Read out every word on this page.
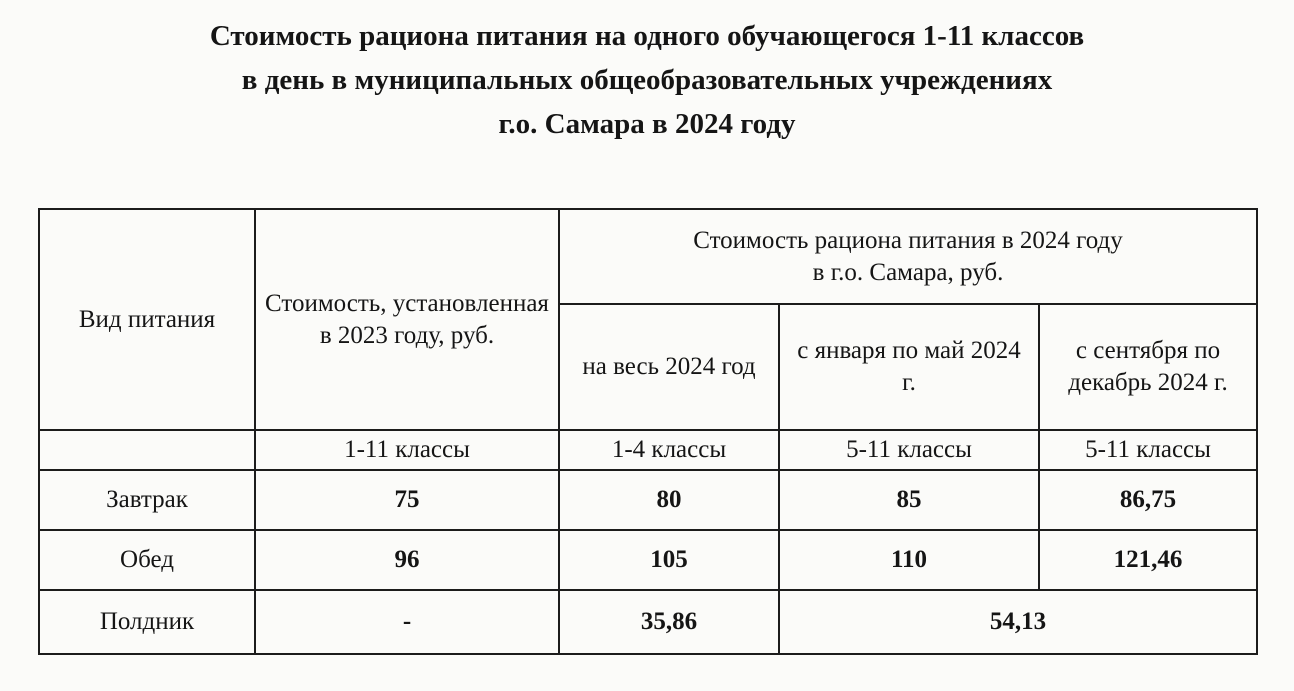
Стоимость рациона питания на одного обучающегося 1-11 классов
в день в муниципальных общеобразовательных учреждениях
г.о. Самара в 2024 году
Вид питания	Стоимость, установленная в 2023 году, руб.	Стоимость рациона питания в 2024 году
в г.о. Самара, руб.		

		на весь 2024 год	с января по май 2024 г.	с сентября по декабрь 2024 г.
	1-11 классы	1-4 классы	5-11 классы	5-11 классы
Завтрак	75	80	85	86,75
Обед	96	105	110	121,46
Полдник	-	35,86	54,13	
